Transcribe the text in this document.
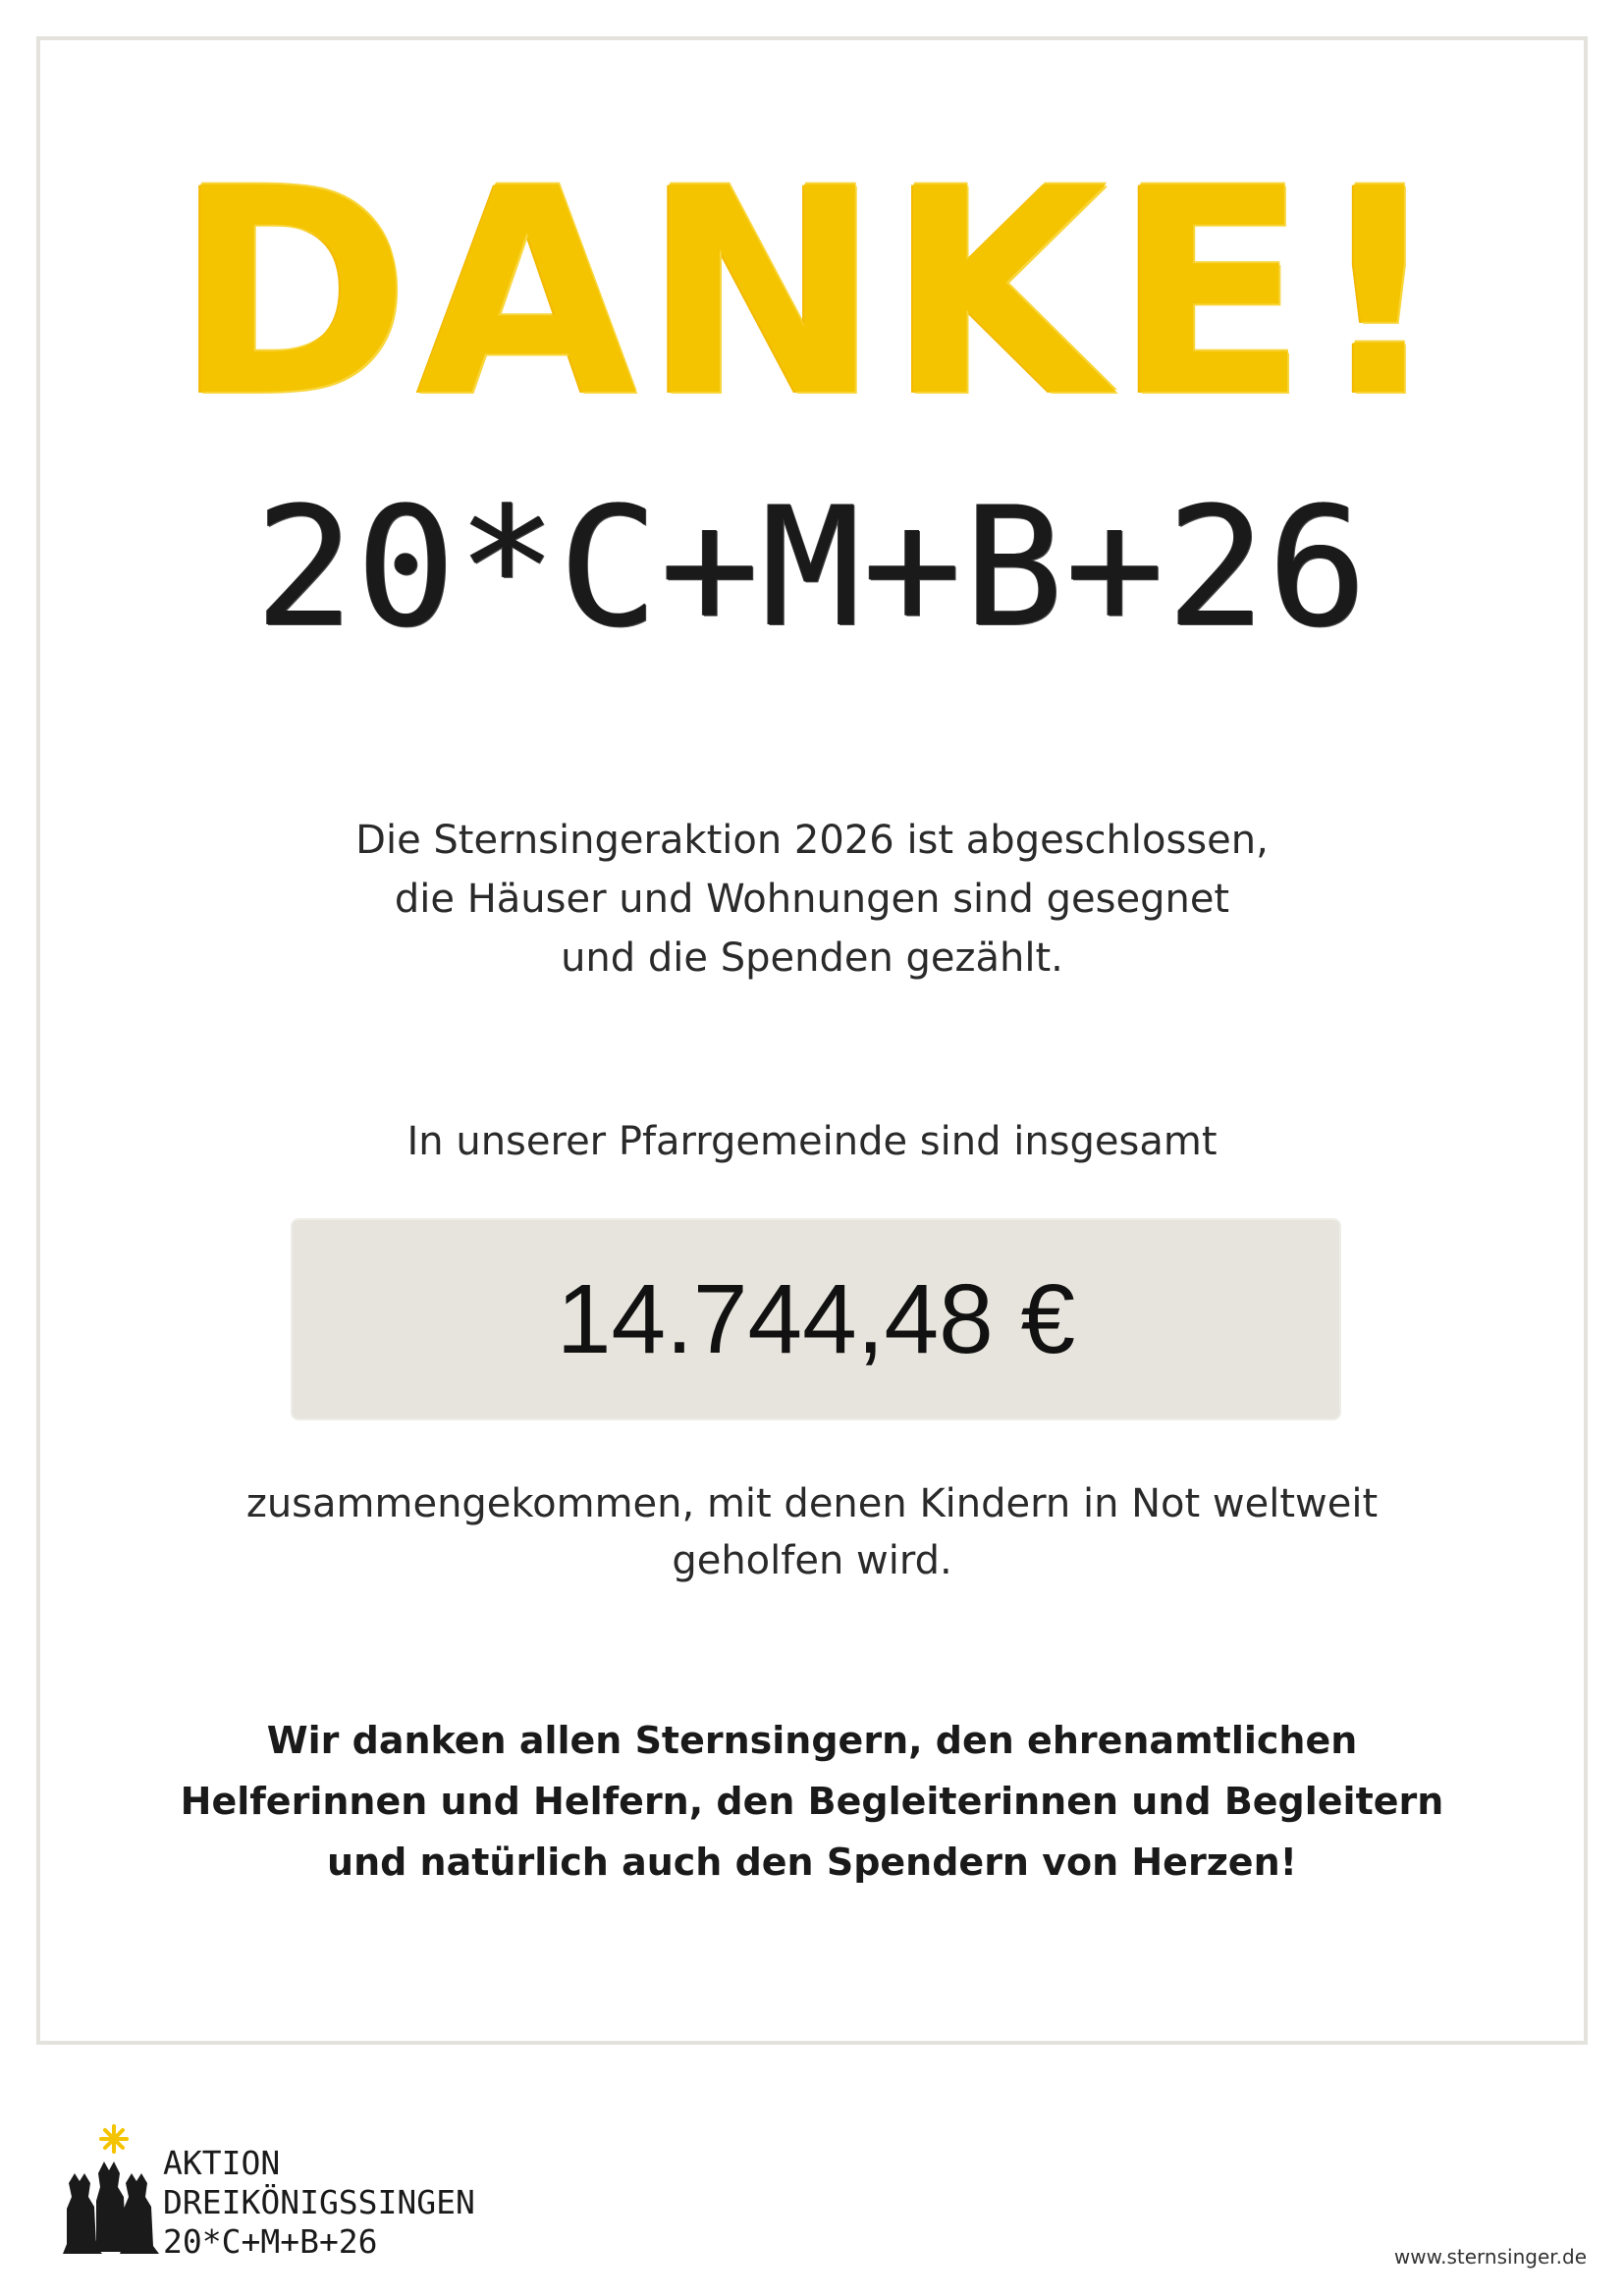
DANKE!
20*C+M+B+26
Die Sternsingeraktion 2026 ist abgeschlossen,
die Häuser und Wohnungen sind gesegnet
und die Spenden gezählt.
In unserer Pfarrgemeinde sind insgesamt
14.744,48 €
zusammengekommen, mit denen Kindern in Not weltweit
geholfen wird.
Wir danken allen Sternsingern, den ehrenamtlichen
Helferinnen und Helfern, den Begleiterinnen und Begleitern
und natürlich auch den Spendern von Herzen!
AKTION
DREIKÖNIGSSINGEN
20*C+M+B+26	www.sternsinger.de
